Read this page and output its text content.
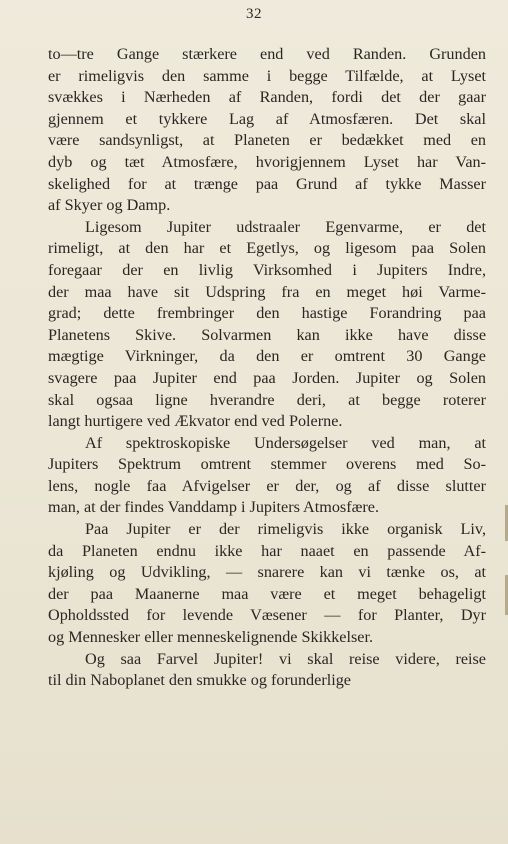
32
to—tre Gange stærkere end ved Randen. Grunden
er rimeligvis den samme i begge Tilfælde, at Lyset
svækkes i Nærheden af Randen, fordi det der gaar
gjennem et tykkere Lag af Atmosfæren. Det skal
være sandsynligst, at Planeten er bedækket med en
dyb og tæt Atmosfære, hvorigjennem Lyset har Van-
skelighed for at trænge paa Grund af tykke Masser
af Skyer og Damp.
Ligesom Jupiter udstraaler Egenvarme, er det
rimeligt, at den har et Egetlys, og ligesom paa Solen
foregaar der en livlig Virksomhed i Jupiters Indre,
der maa have sit Udspring fra en meget høi Varme-
grad; dette frembringer den hastige Forandring paa
Planetens Skive. Solvarmen kan ikke have disse
mægtige Virkninger, da den er omtrent 30 Gange
svagere paa Jupiter end paa Jorden. Jupiter og Solen
skal ogsaa ligne hverandre deri, at begge roterer
langt hurtigere ved Ækvator end ved Polerne.
Af spektroskopiske Undersøgelser ved man, at
Jupiters Spektrum omtrent stemmer overens med So-
lens, nogle faa Afvigelser er der, og af disse slutter
man, at der findes Vanddamp i Jupiters Atmosfære.
Paa Jupiter er der rimeligvis ikke organisk Liv,
da Planeten endnu ikke har naaet en passende Af-
kjøling og Udvikling, — snarere kan vi tænke os, at
der paa Maanerne maa være et meget behageligt
Opholdssted for levende Væsener — for Planter, Dyr
og Mennesker eller menneskelignende Skikkelser.
Og saa Farvel Jupiter! vi skal reise videre, reise
til din Naboplanet den smukke og forunderlige
